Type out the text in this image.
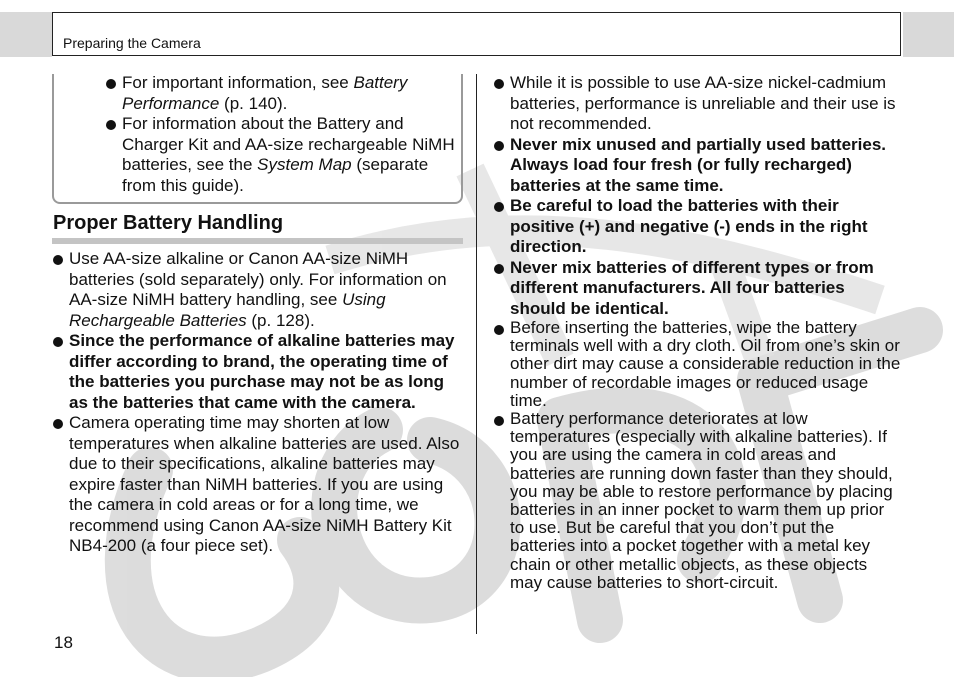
Preparing the Camera
For important information, see Battery Performance (p. 140).
For information about the Battery and Charger Kit and AA-size rechargeable NiMH batteries, see the System Map (separate from this guide).
Proper Battery Handling
Use AA-size alkaline or Canon AA-size NiMH batteries (sold separately) only. For information on AA-size NiMH battery handling, see Using Rechargeable Batteries (p. 128).
Since the performance of alkaline batteries may differ according to brand, the operating time of the batteries you purchase may not be as long as the batteries that came with the camera.
Camera operating time may shorten at low temperatures when alkaline batteries are used. Also due to their specifications, alkaline batteries may expire faster than NiMH batteries. If you are using the camera in cold areas or for a long time, we recommend using Canon AA-size NiMH Battery Kit NB4-200 (a four piece set).
While it is possible to use AA-size nickel-cadmium batteries, performance is unreliable and their use is not recommended.
Never mix unused and partially used batteries. Always load four fresh (or fully recharged) batteries at the same time.
Be careful to load the batteries with their positive (+) and negative (-) ends in the right direction.
Never mix batteries of different types or from different manufacturers. All four batteries should be identical.
Before inserting the batteries, wipe the battery terminals well with a dry cloth. Oil from one’s skin or other dirt may cause a considerable reduction in the number of recordable images or reduced usage time.
Battery performance deteriorates at low temperatures (especially with alkaline batteries). If you are using the camera in cold areas and batteries are running down faster than they should, you may be able to restore performance by placing batteries in an inner pocket to warm them up prior to use. But be careful that you don’t put the batteries into a pocket together with a metal key chain or other metallic objects, as these objects may cause batteries to short-circuit.
18
